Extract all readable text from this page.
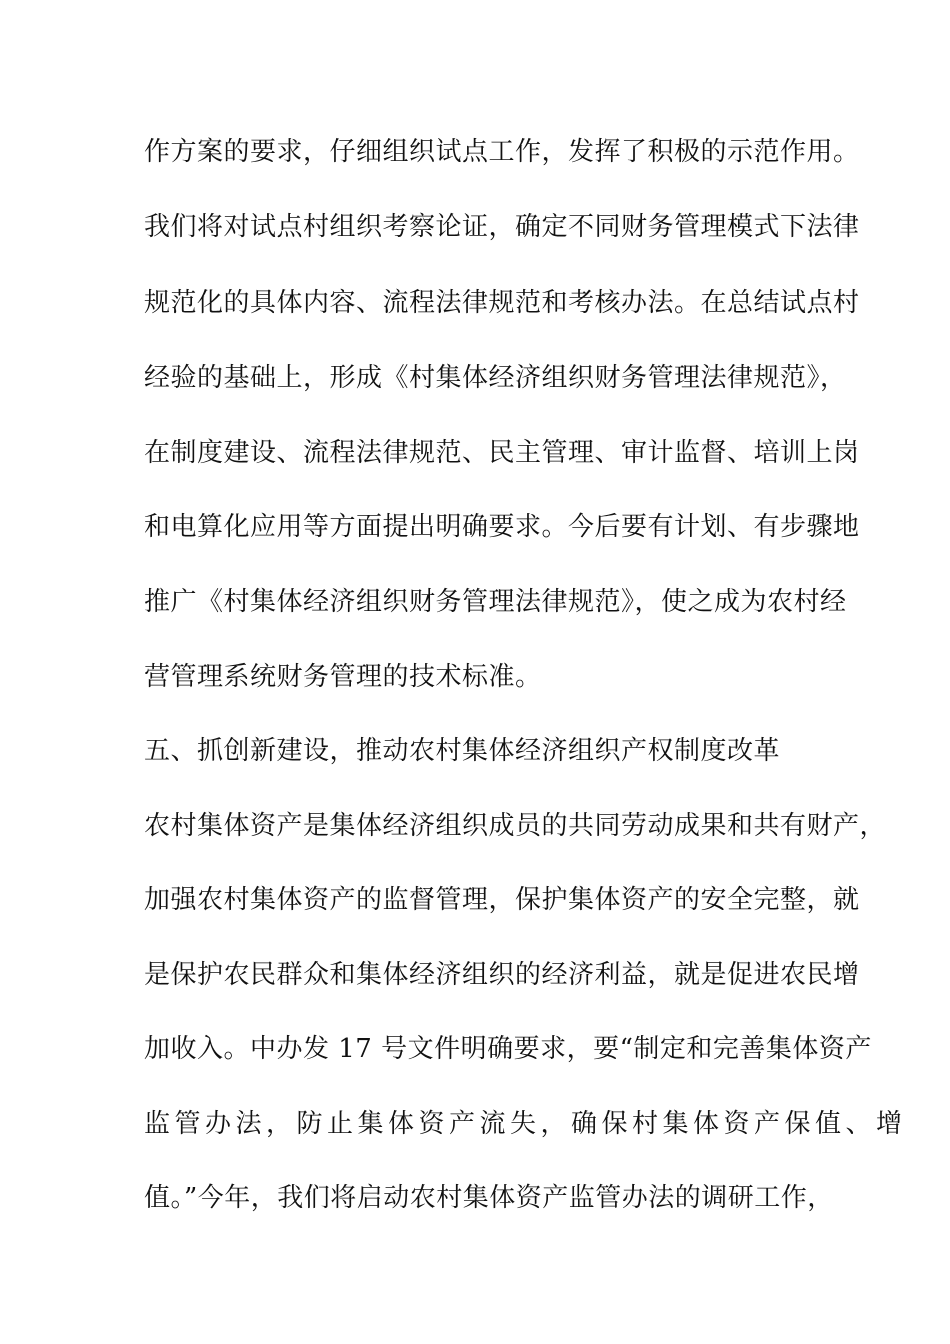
作方案的要求，仔细组织试点工作，发挥了积极的示范作用。
我们将对试点村组织考察论证，确定不同财务管理模式下法律
规范化的具体内容、流程法律规范和考核办法。在总结试点村
经验的基础上，形成《村集体经济组织财务管理法律规范》，
在制度建设、流程法律规范、民主管理、审计监督、培训上岗
和电算化应用等方面提出明确要求。今后要有计划、有步骤地
推广《村集体经济组织财务管理法律规范》，使之成为农村经
营管理系统财务管理的技术标准。
五、抓创新建设，推动农村集体经济组织产权制度改革
农村集体资产是集体经济组织成员的共同劳动成果和共有财产，
加强农村集体资产的监督管理，保护集体资产的安全完整，就
是保护农民群众和集体经济组织的经济利益，就是促进农民增
加收入。中办发 17 号文件明确要求，要“制定和完善集体资产
监管办法，防止集体资产流失，确保村集体资产保值、增
值。”今年，我们将启动农村集体资产监管办法的调研工作，
